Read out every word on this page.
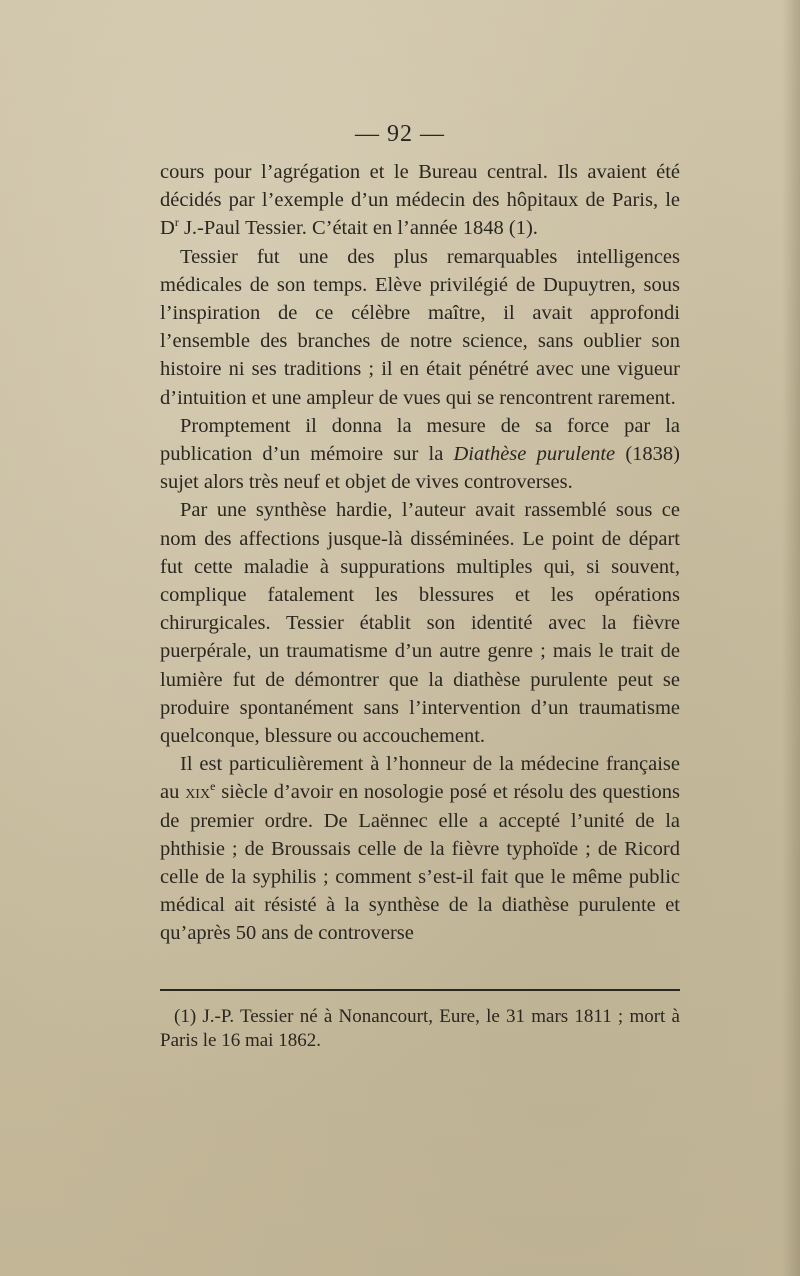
— 92 —

cours pour l’agrégation et le Bureau central. Ils avaient été décidés par l’exemple d’un médecin des hôpitaux de Paris, le $D^r$ J.-Paul Tessier. C’était en l’année 1848 (1).

Tessier fut une des plus remarquables intelligences médicales de son temps. Elève privilégié de Dupuytren, sous l’inspiration de ce célèbre maître, il avait approfondi l’ensemble des branches de notre science, sans oublier son histoire ni ses traditions ; il en était pénétré avec une vigueur d’intuition et une ampleur de vues qui se rencontrent rarement.

Promptement il donna la mesure de sa force par la publication d’un mémoire sur la Diathèse purulente (1838) sujet alors très neuf et objet de vives controverses.

Par une synthèse hardie, l’auteur avait rassemblé sous ce nom des affections jusque-là disséminées. Le point de départ fut cette maladie à suppurations multiples qui, si souvent, complique fatalement les blessures et les opérations chirurgicales. Tessier établit son identité avec la fièvre puerpérale, un traumatisme d’un autre genre ; mais le trait de lumière fut de démontrer que la diathèse purulente peut se produire spontanément sans l’intervention d’un traumatisme quelconque, blessure ou accouchement.

Il est particulièrement à l’honneur de la médecine française au xix$^e$ siècle d’avoir en nosologie posé et résolu des questions de premier ordre. De Laënnec elle a accepté l’unité de la phthisie ; de Broussais celle de la fièvre typhoïde ; de Ricord celle de la syphilis ; comment s’est-il fait que le même public médical ait résisté à la synthèse de la diathèse purulente et qu’après 50 ans de controverse

(1) J.-P. Tessier né à Nonancourt, Eure, le 31 mars 1811 ; mort à Paris le 16 mai 1862.
